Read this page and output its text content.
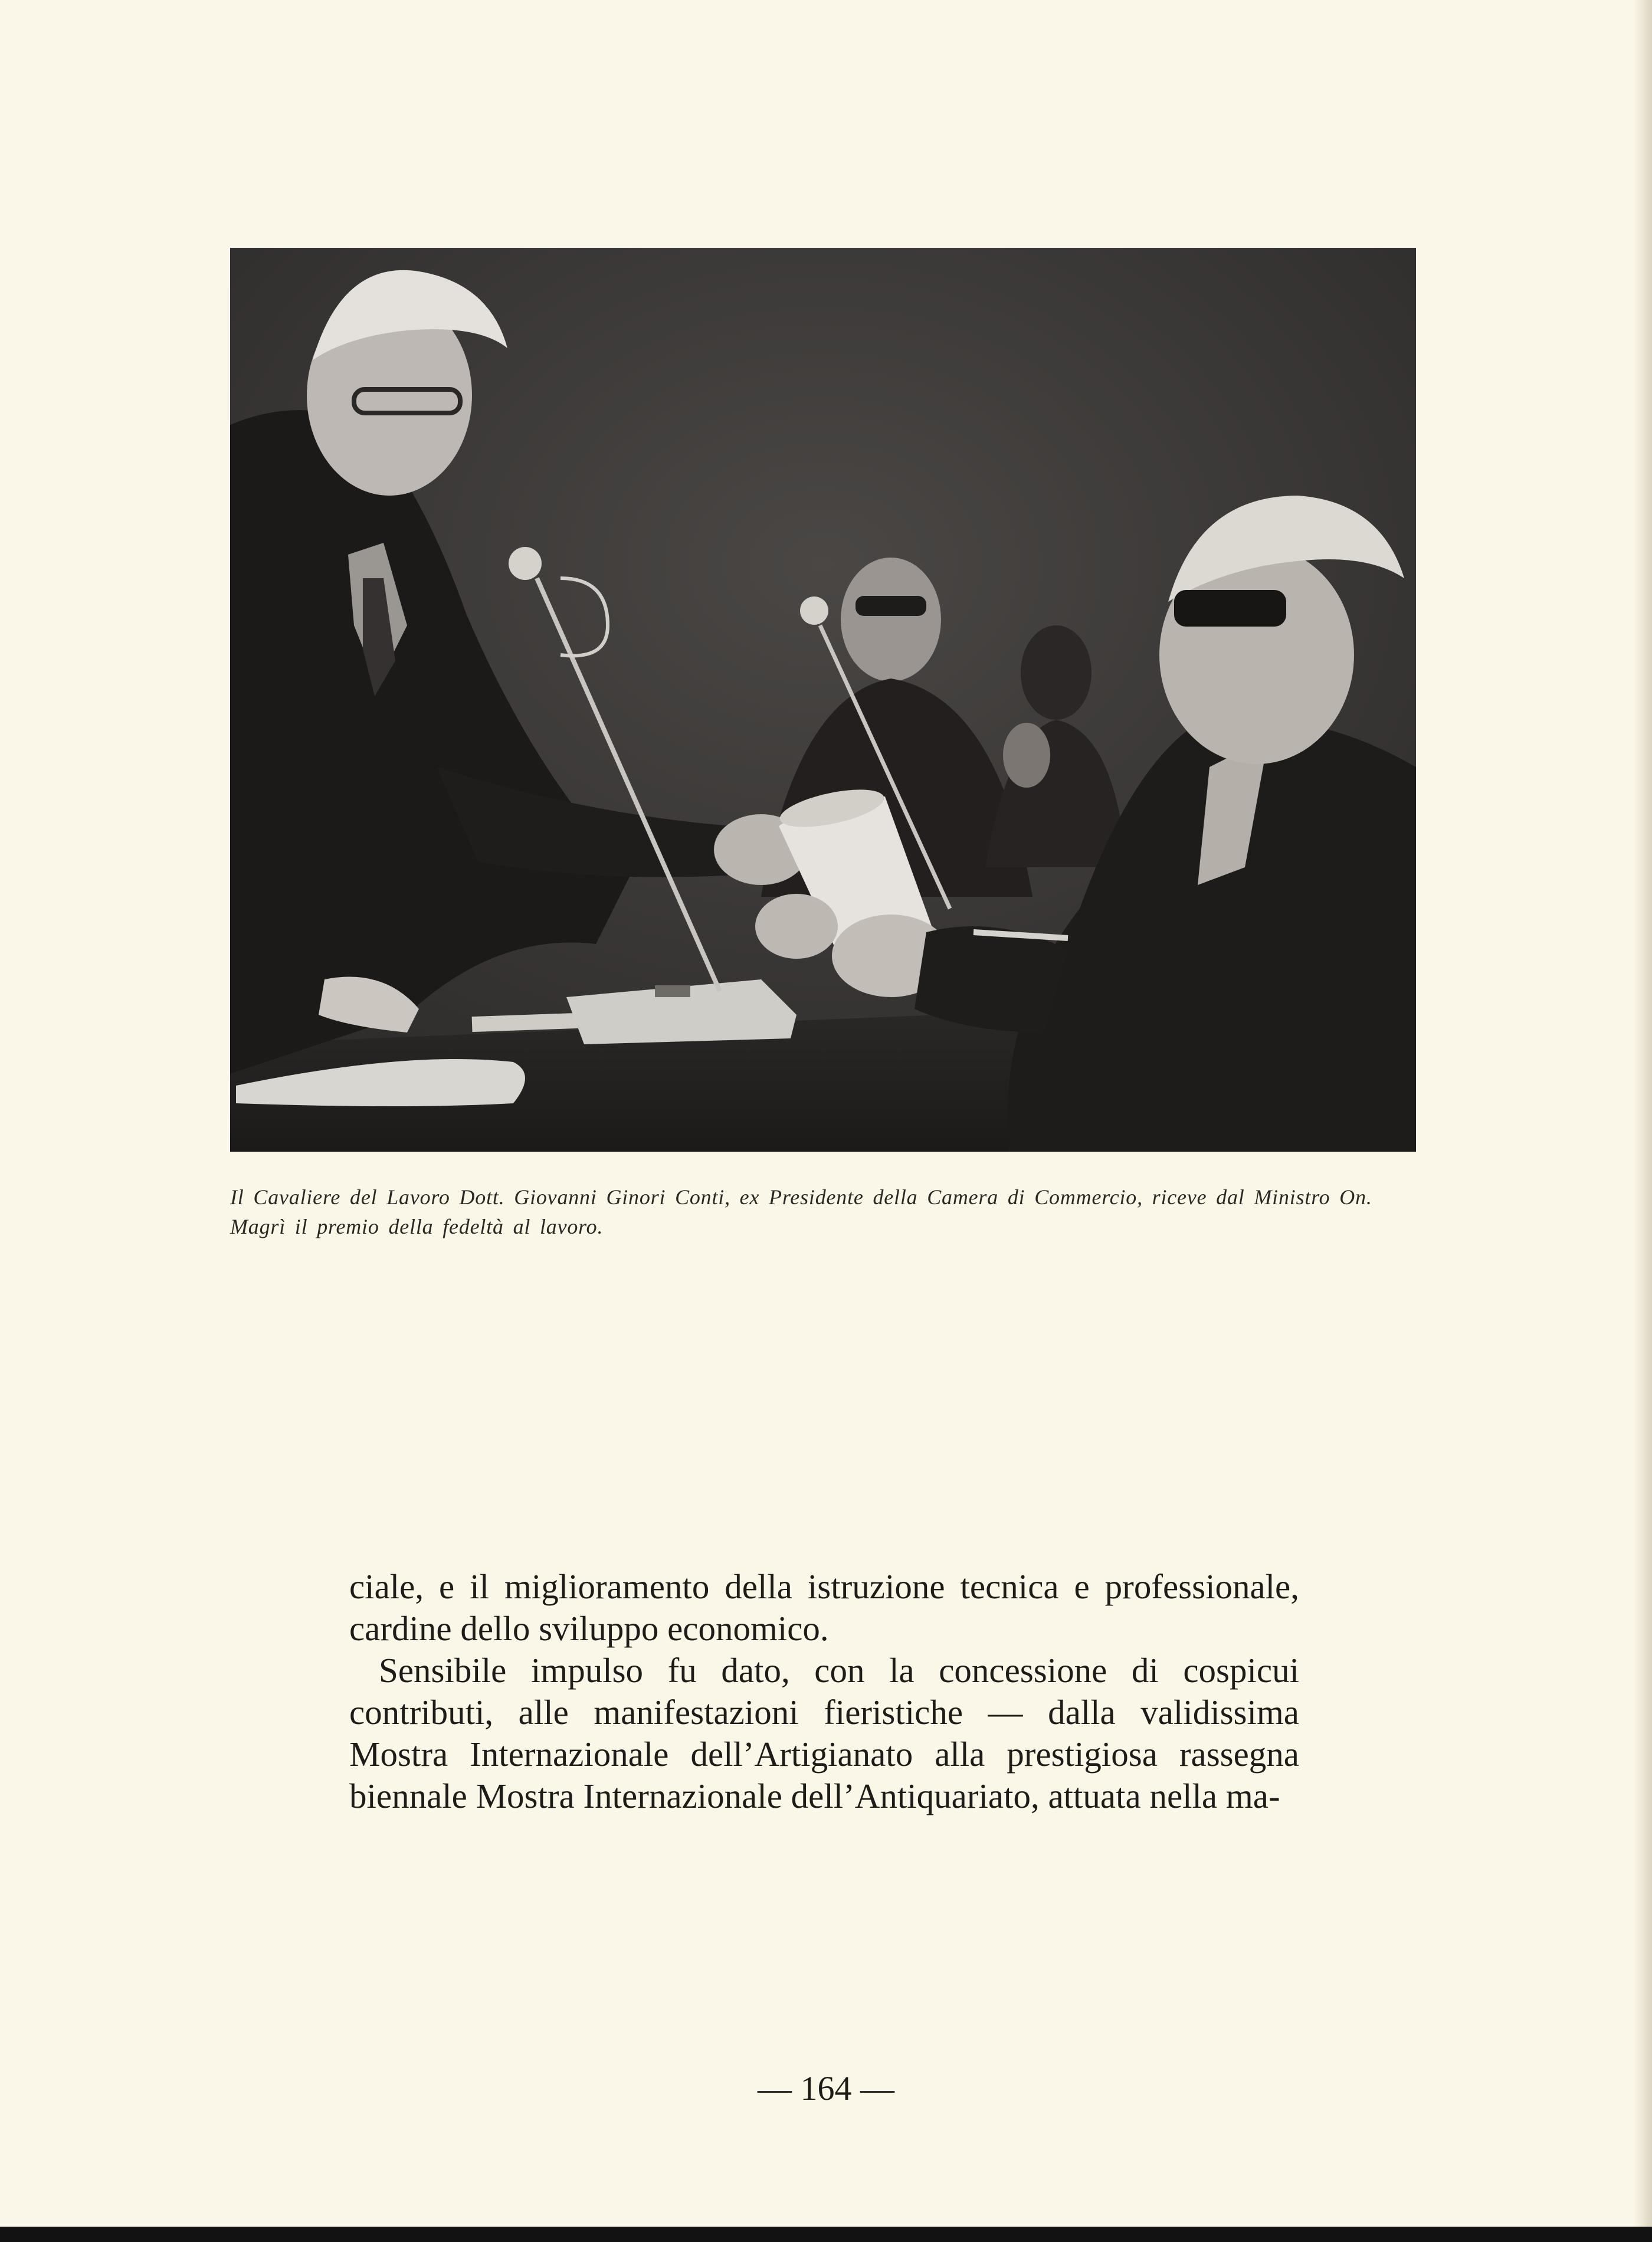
Il Cavaliere del Lavoro Dott. Giovanni Ginori Conti, ex Presidente della Camera di Commercio, riceve dal Ministro On. Magrì il premio della fedeltà al lavoro.

ciale, e il miglioramento della istruzione tecnica e professionale, cardine dello sviluppo economico.

Sensibile impulso fu dato, con la concessione di cospicui contributi, alle manifestazioni fieristiche — dalla validissima Mostra Internazionale dell’Artigianato alla prestigiosa rassegna biennale Mostra Internazionale dell’Antiquariato, attuata nella ma-

— 164 —
